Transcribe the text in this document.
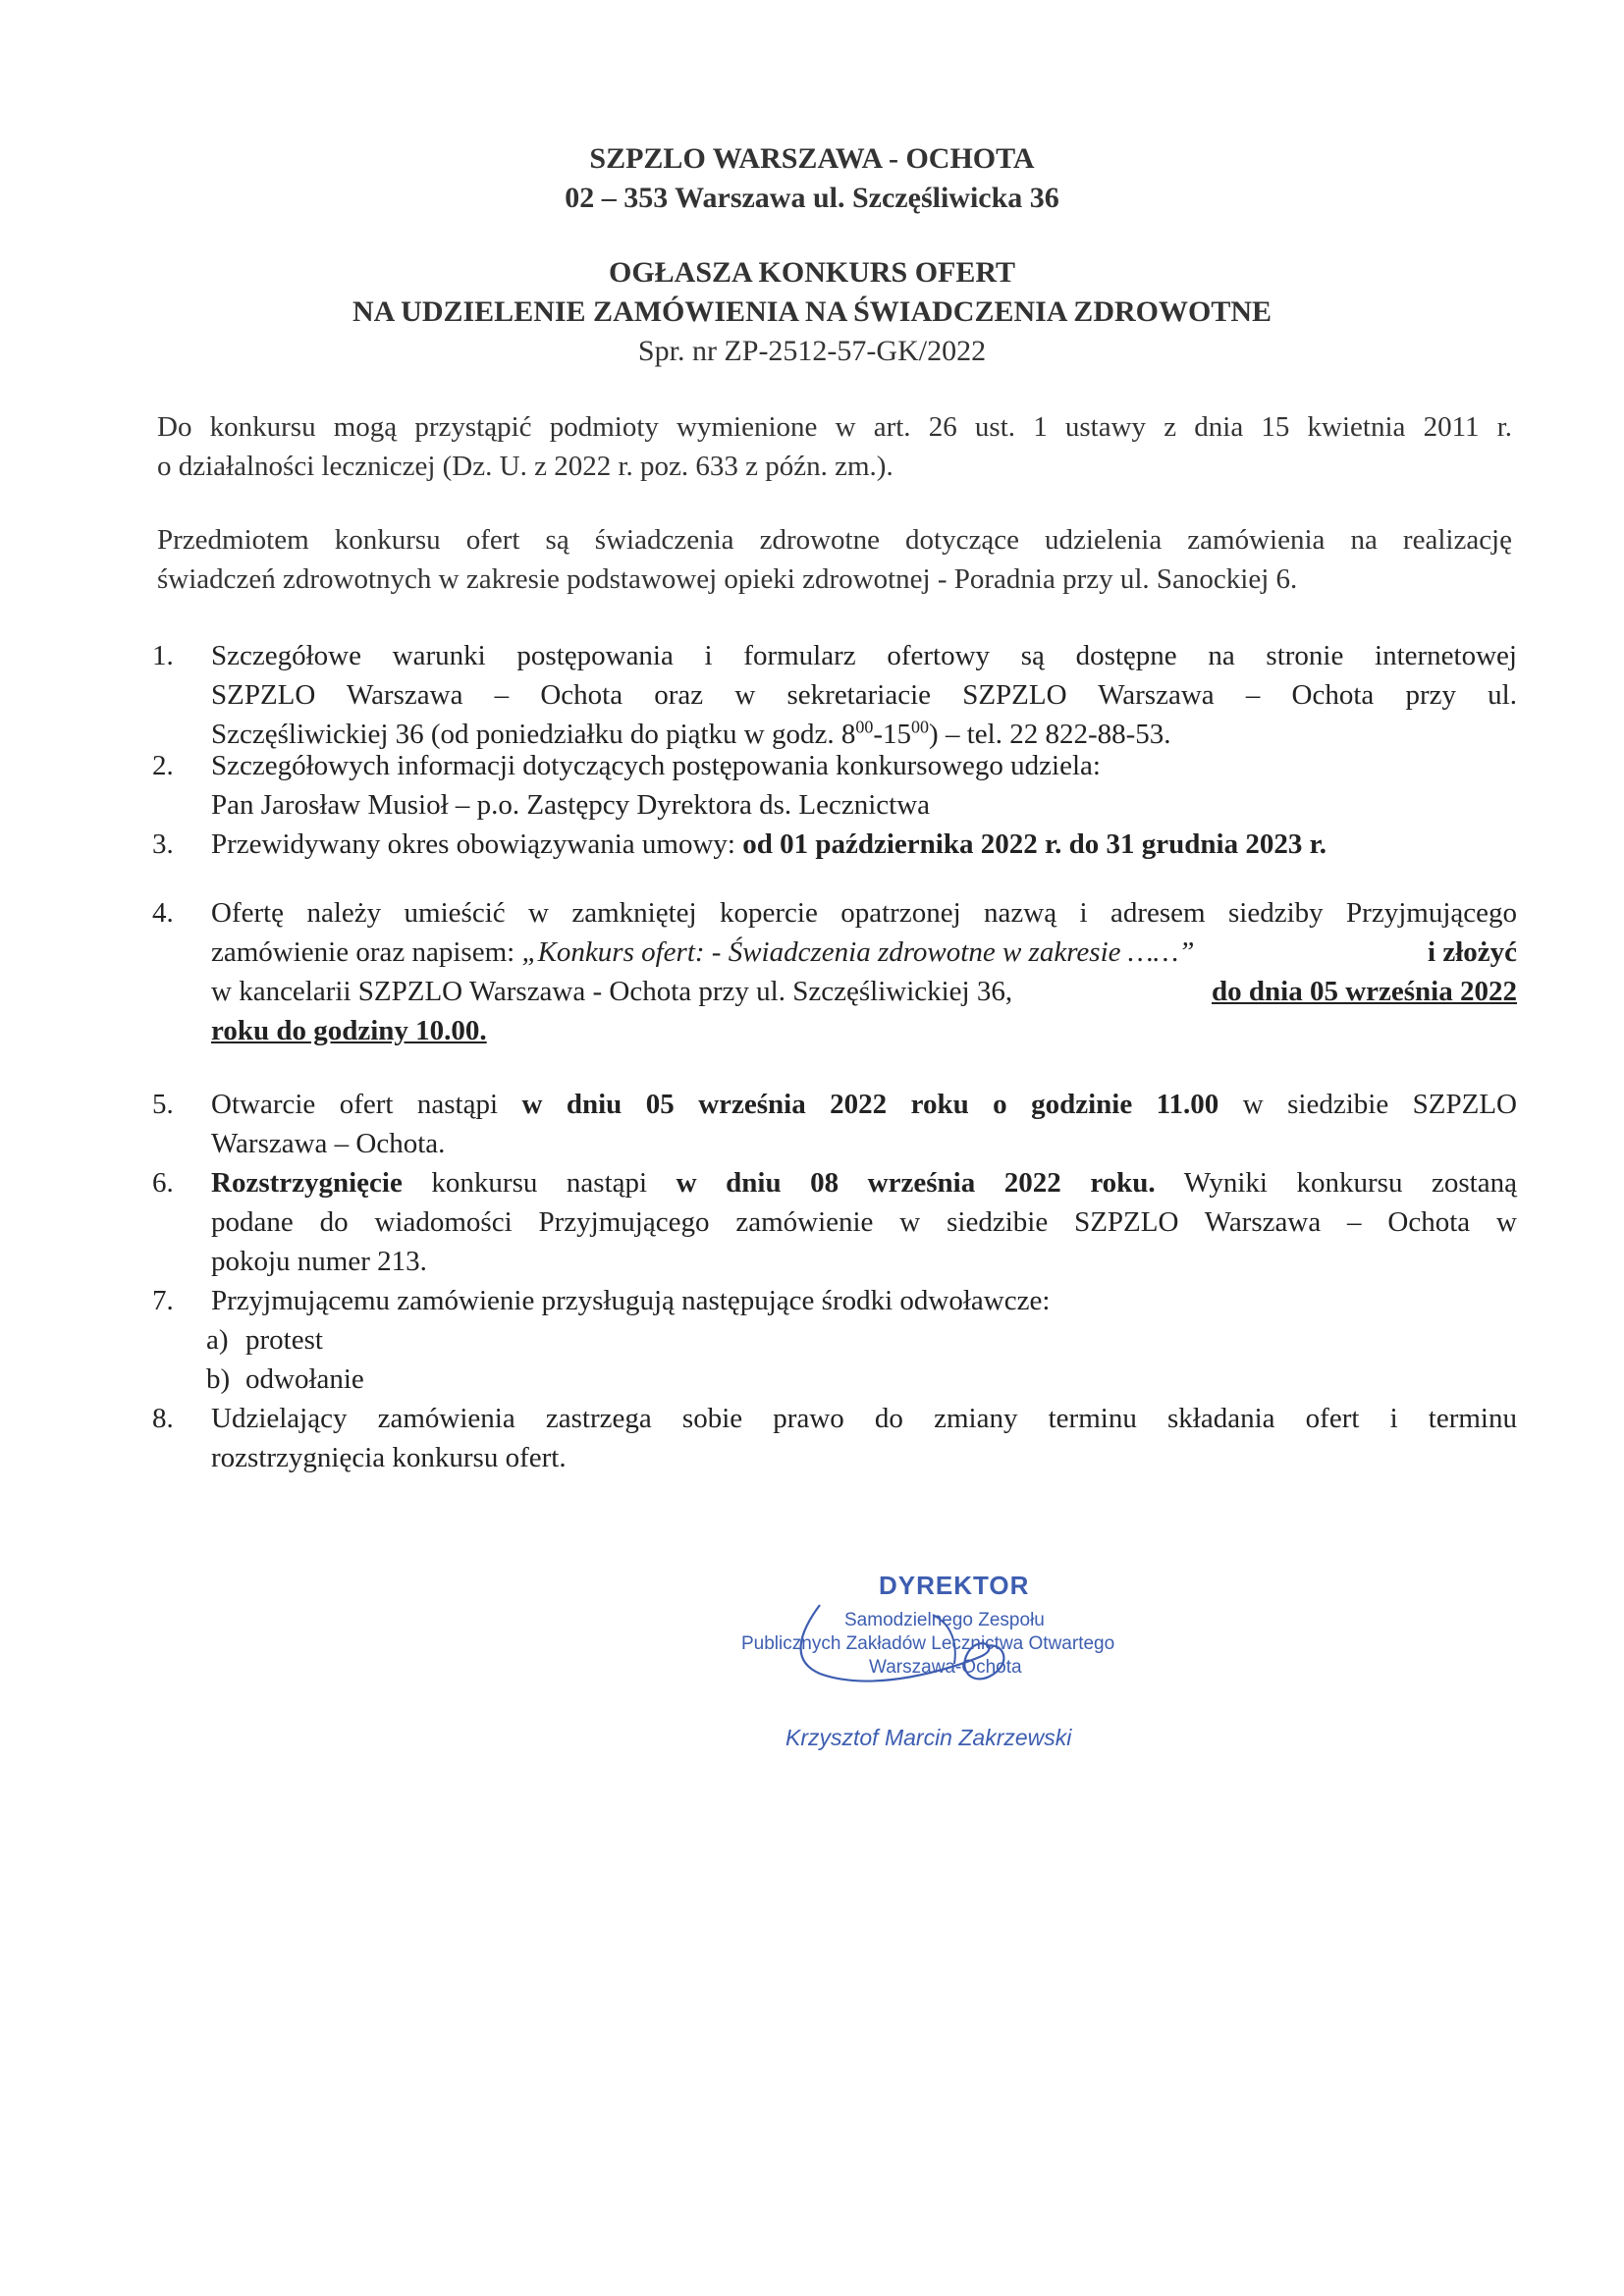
SZPZLO WARSZAWA - OCHOTA
02 – 353 Warszawa ul. Szczęśliwicka 36
OGŁASZA KONKURS OFERT
NA UDZIELENIE ZAMÓWIENIA NA ŚWIADCZENIA ZDROWOTNE
Spr. nr ZP-2512-57-GK/2022

Do konkursu mogą przystąpić podmioty wymienione w art. 26 ust. 1 ustawy z dnia 15 kwietnia 2011 r.

o działalności leczniczej (Dz. U. z 2022 r. poz. 633 z późn. zm.).

Przedmiotem konkursu ofert są świadczenia zdrowotne dotyczące udzielenia zamówienia na realizację

świadczeń zdrowotnych w zakresie podstawowej opieki zdrowotnej - Poradnia przy ul. Sanockiej 6.

1.	Szczegółowe warunki postępowania i formularz ofertowy są dostępne na stronie internetowej

SZPZLO Warszawa – Ochota oraz w sekretariacie SZPZLO Warszawa – Ochota przy ul.

Szczęśliwickiej 36 (od poniedziałku do piątku w godz. $8^{00}-15^{00}$) – tel. 22 822-88-53.

2.	Szczegółowych informacji dotyczących postępowania konkursowego udziela:

Pan Jarosław Musioł – p.o. Zastępcy Dyrektora ds. Lecznictwa

3.	Przewidywany okres obowiązywania umowy: od 01 października 2022 r. do 31 grudnia 2023 r.

4.	Ofertę należy umieścić w zamkniętej kopercie opatrzonej nazwą i adresem siedziby Przyjmującego

zamówienie oraz napisem: „Konkurs ofert: - Świadczenia zdrowotne w zakresie ……”	i złożyć

w kancelarii SZPZLO Warszawa - Ochota przy ul. Szczęśliwickiej 36,	do dnia 05 września 2022

roku do godziny 10.00.

5.	Otwarcie ofert nastąpi w dniu 05 września 2022 roku o godzinie 11.00 w siedzibie SZPZLO

Warszawa – Ochota.

6.	Rozstrzygnięcie konkursu nastąpi w dniu 08 września 2022 roku. Wyniki konkursu zostaną

podane do wiadomości Przyjmującego zamówienie w siedzibie SZPZLO Warszawa – Ochota w

pokoju numer 213.

7.	Przyjmującemu zamówienie przysługują następujące środki odwoławcze:

a) protest
b) odwołanie
8.	Udzielający zamówienia zastrzega sobie prawo do zmiany terminu składania ofert i terminu

rozstrzygnięcia konkursu ofert.

DYREKTOR
Samodzielnego Zespołu
Publicznych Zakładów Lecznictwa Otwartego
Warszawa-Ochota
Krzysztof Marcin Zakrzewski
